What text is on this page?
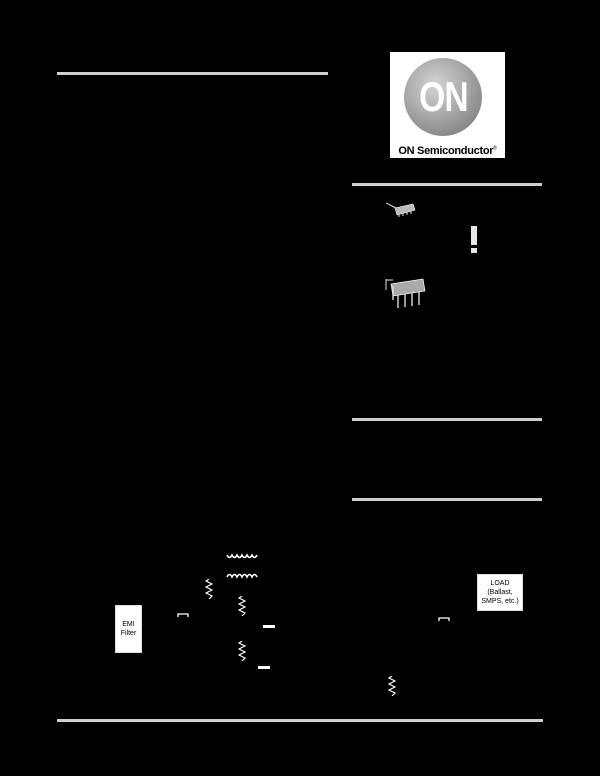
ON
ON Semiconductor®
EMI
Filter
LOAD
(Ballast,
SMPS, etc.)
